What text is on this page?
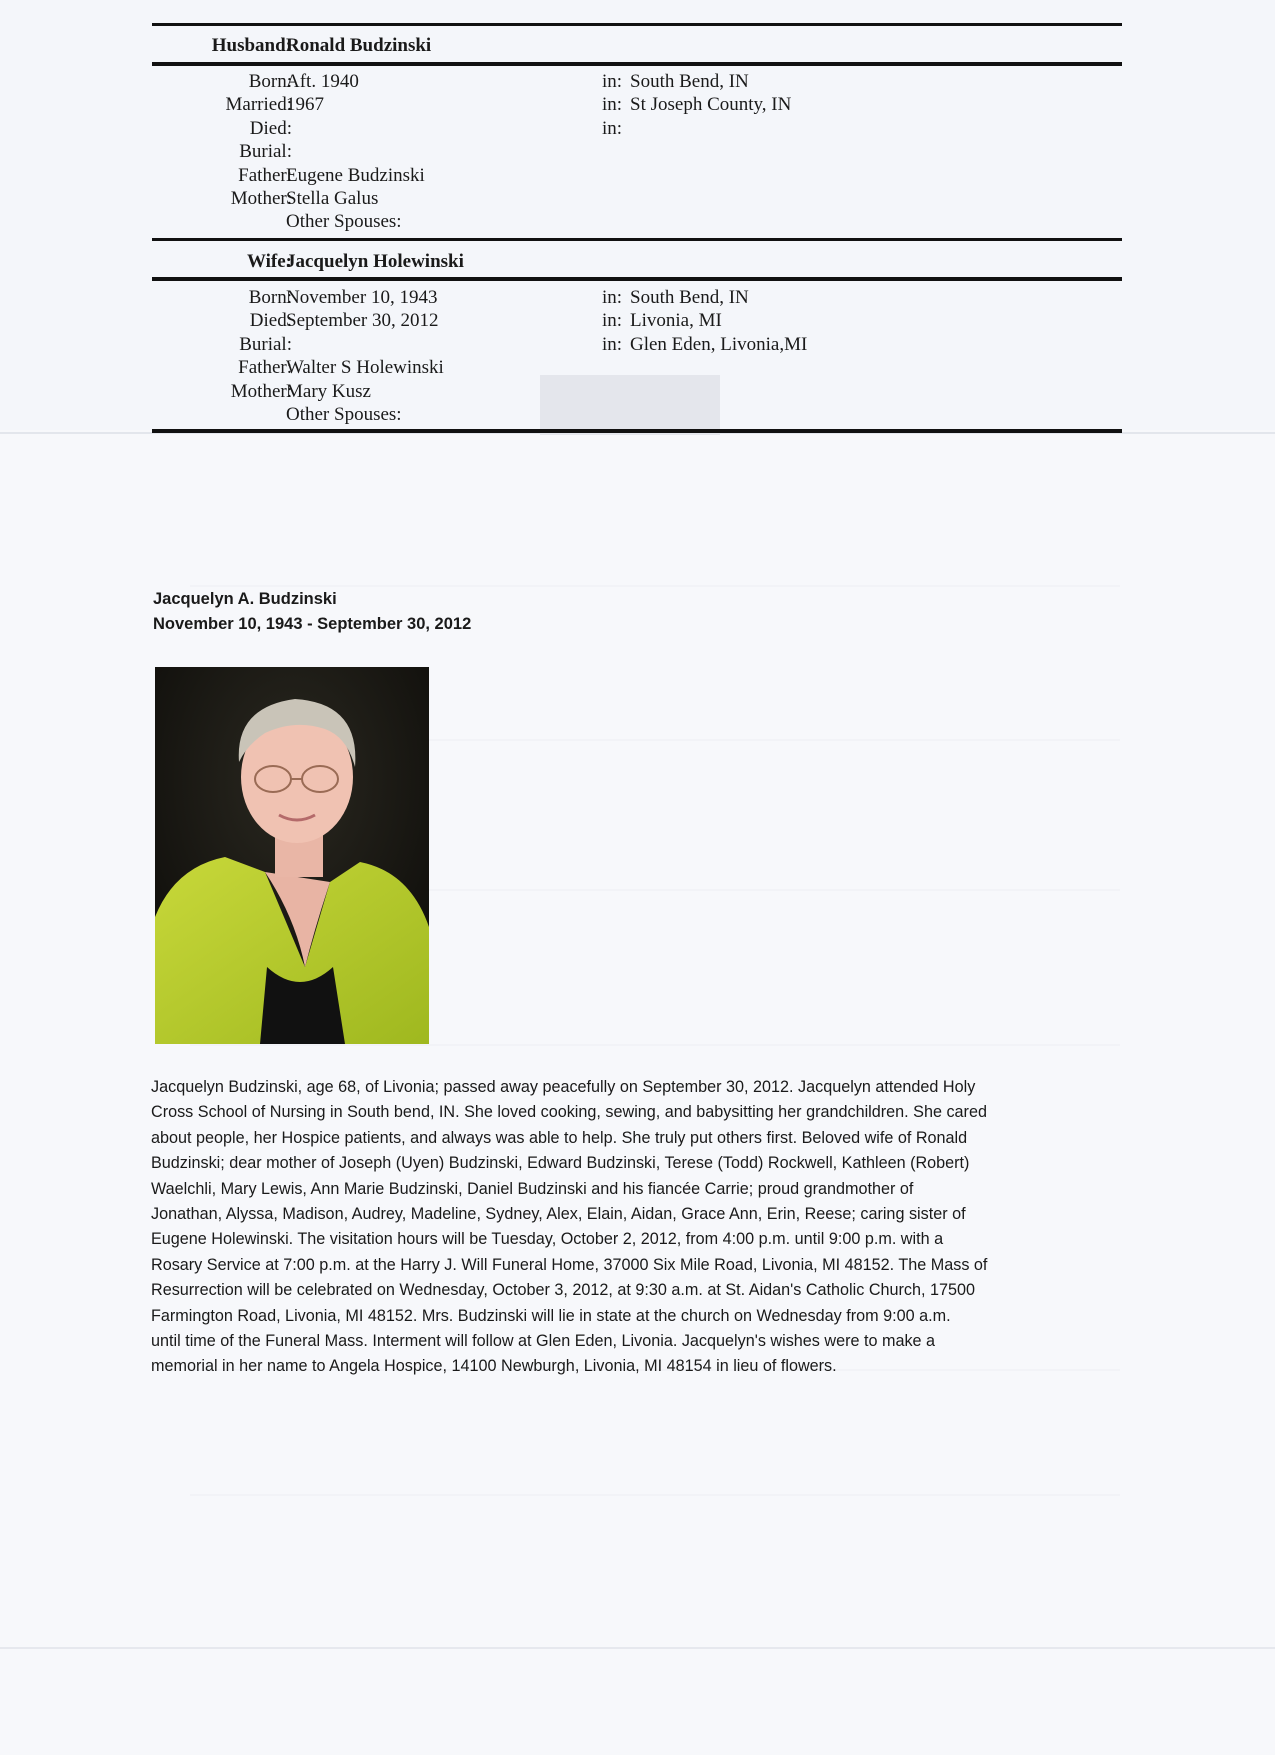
Husband:
Ronald Budzinski
Born:
Aft. 1940	in: South Bend, IN
Married:
1967	in: St Joseph County, IN
Died:	in:
Burial:
Father:
Eugene Budzinski
Mother:
Stella Galus
Other Spouses:
Wife:
Jacquelyn Holewinski
Born:
November 10, 1943	in: South Bend, IN
Died:
September 30, 2012	in: Livonia, MI
Burial:	in: Glen Eden, Livonia,MI
Father:
Walter S Holewinski
Mother:
Mary Kusz
Other Spouses:
Jacquelyn A. Budzinski
November 10, 1943 - September 30, 2012
Jacquelyn Budzinski, age 68, of Livonia; passed away peacefully on September 30, 2012. Jacquelyn attended Holy
Cross School of Nursing in South bend, IN. She loved cooking, sewing, and babysitting her grandchildren. She cared
about people, her Hospice patients, and always was able to help. She truly put others first. Beloved wife of Ronald
Budzinski; dear mother of Joseph (Uyen) Budzinski, Edward Budzinski, Terese (Todd) Rockwell, Kathleen (Robert)
Waelchli, Mary Lewis, Ann Marie Budzinski, Daniel Budzinski and his fiancée Carrie; proud grandmother of
Jonathan, Alyssa, Madison, Audrey, Madeline, Sydney, Alex, Elain, Aidan, Grace Ann, Erin, Reese; caring sister of
Eugene Holewinski. The visitation hours will be Tuesday, October 2, 2012, from 4:00 p.m. until 9:00 p.m. with a
Rosary Service at 7:00 p.m. at the Harry J. Will Funeral Home, 37000 Six Mile Road, Livonia, MI 48152. The Mass of
Resurrection will be celebrated on Wednesday, October 3, 2012, at 9:30 a.m. at St. Aidan's Catholic Church, 17500
Farmington Road, Livonia, MI 48152. Mrs. Budzinski will lie in state at the church on Wednesday from 9:00 a.m.
until time of the Funeral Mass. Interment will follow at Glen Eden, Livonia. Jacquelyn's wishes were to make a
memorial in her name to Angela Hospice, 14100 Newburgh, Livonia, MI 48154 in lieu of flowers.
